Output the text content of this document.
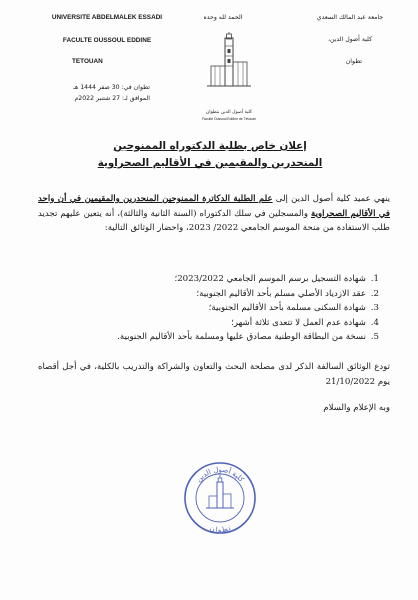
UNIVERSITE ABDELMALEK ESSADI
FACULTE OUSSOUL EDDINE
TETOUAN
الحمد لله وحده
كلية أصول الدين بتطوان
Faculté Oussoul Eddine de Tétouan
جامعة عبد المالك السعدي
كلية أصول الدين،
تطوان
تطوان في: 30 صفر 1444 هـ
الموافق لـ: 27 شتنبر 2022م
إعلان خاص بطلبة الدكتوراه الممنوحين
المنحدرين والمقيمين في الأقاليم الصحراوية
ينهي عميد كلية أصول الدين إلى علم الطلبة الدكاترة الممنوحين المنحدرين والمقيمين في أن واحد في الأقاليم الصحراوية والمسجلين في سلك الدكتوراه (السنة الثانية والثالثة)، أنه يتعين عليهم تجديد طلب الاستفادة من منحة الموسم الجامعي 2022/ 2023، واحضار الوثائق التالية:
1. شهادة التسجيل برسم الموسم الجامعي 2023/2022؛
2. عقد الازدياد الأصلي مسلم بأحد الأقاليم الجنوبية؛
3. شهادة السكنى مسلمة بأحد الأقاليم الجنوبية؛
4. شهادة عدم العمل لا تتعدى ثلاثة أشهر؛
5. نسخة من البطاقة الوطنية مصادق عليها ومسلمة بأحد الأقاليم الجنوبية.
تودع الوثائق السالفة الذكر لدى مصلحة البحث والتعاون والشراكة والتدريب بالكلية، في أجل أقصاه يوم 21/10/2022
وبه الإعلام والسلام
كلية أصول الدين
تطوان
